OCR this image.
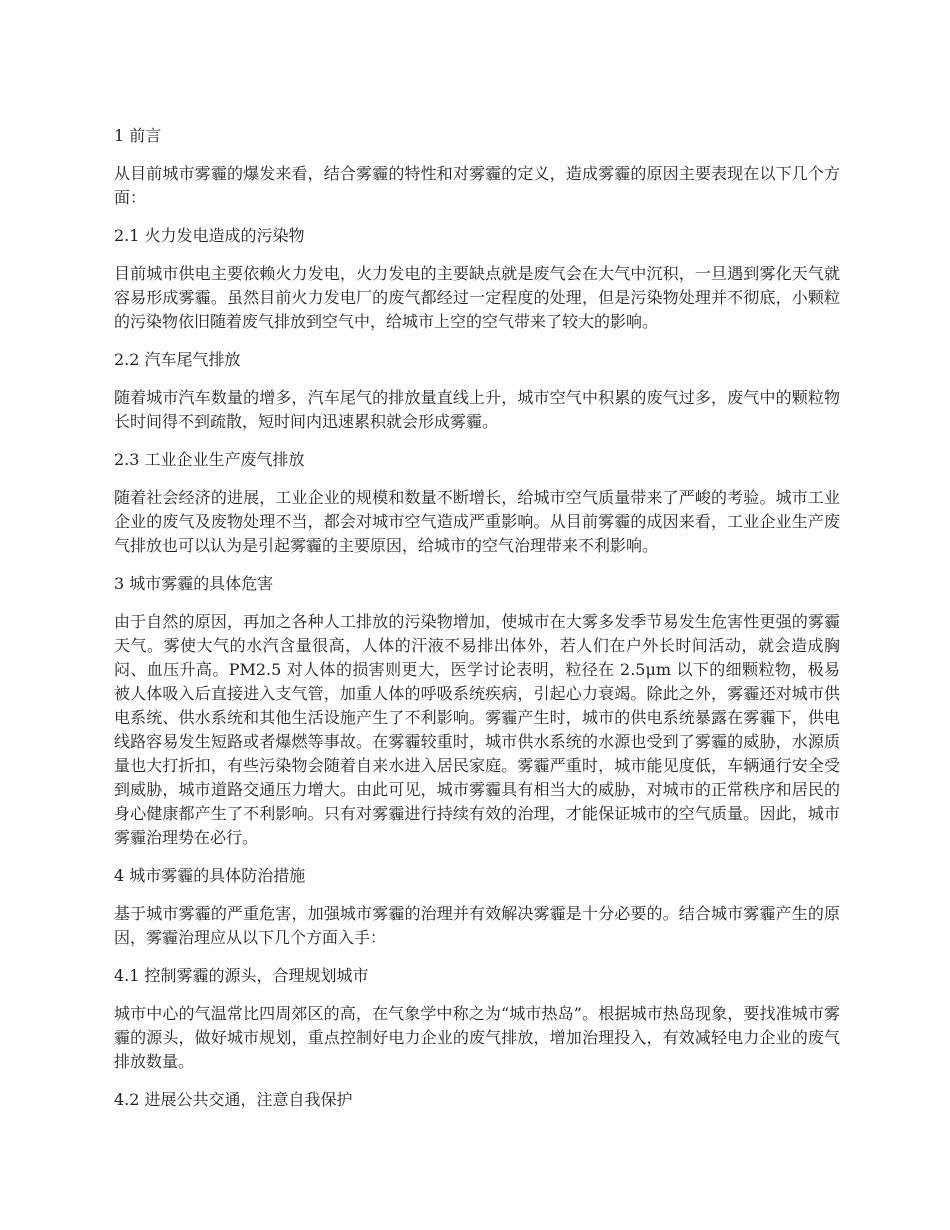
1 前言
从目前城市雾霾的爆发来看，结合雾霾的特性和对雾霾的定义，造成雾霾的原因主要表现在以下几个方面：
2.1 火力发电造成的污染物
目前城市供电主要依赖火力发电，火力发电的主要缺点就是废气会在大气中沉积，一旦遇到雾化天气就容易形成雾霾。虽然目前火力发电厂的废气都经过一定程度的处理，但是污染物处理并不彻底，小颗粒的污染物依旧随着废气排放到空气中，给城市上空的空气带来了较大的影响。
2.2 汽车尾气排放
随着城市汽车数量的增多，汽车尾气的排放量直线上升，城市空气中积累的废气过多，废气中的颗粒物长时间得不到疏散，短时间内迅速累积就会形成雾霾。
2.3 工业企业生产废气排放
随着社会经济的进展，工业企业的规模和数量不断增长，给城市空气质量带来了严峻的考验。城市工业企业的废气及废物处理不当，都会对城市空气造成严重影响。从目前雾霾的成因来看，工业企业生产废气排放也可以认为是引起雾霾的主要原因，给城市的空气治理带来不利影响。
3 城市雾霾的具体危害
由于自然的原因，再加之各种人工排放的污染物增加，使城市在大雾多发季节易发生危害性更强的雾霾天气。雾使大气的水汽含量很高，人体的汗液不易排出体外，若人们在户外长时间活动，就会造成胸闷、血压升高。PM2.5 对人体的损害则更大，医学讨论表明，粒径在 2.5μm 以下的细颗粒物，极易被人体吸入后直接进入支气管，加重人体的呼吸系统疾病，引起心力衰竭。除此之外，雾霾还对城市供电系统、供水系统和其他生活设施产生了不利影响。雾霾产生时，城市的供电系统暴露在雾霾下，供电线路容易发生短路或者爆燃等事故。在雾霾较重时，城市供水系统的水源也受到了雾霾的威胁，水源质量也大打折扣，有些污染物会随着自来水进入居民家庭。雾霾严重时，城市能见度低，车辆通行安全受到威胁，城市道路交通压力增大。由此可见，城市雾霾具有相当大的威胁，对城市的正常秩序和居民的身心健康都产生了不利影响。只有对雾霾进行持续有效的治理，才能保证城市的空气质量。因此，城市雾霾治理势在必行。
4 城市雾霾的具体防治措施
基于城市雾霾的严重危害，加强城市雾霾的治理并有效解决雾霾是十分必要的。结合城市雾霾产生的原因，雾霾治理应从以下几个方面入手：
4.1 控制雾霾的源头，合理规划城市
城市中心的气温常比四周郊区的高，在气象学中称之为“城市热岛”。根据城市热岛现象，要找准城市雾霾的源头，做好城市规划，重点控制好电力企业的废气排放，增加治理投入，有效减轻电力企业的废气排放数量。
4.2 进展公共交通，注意自我保护
